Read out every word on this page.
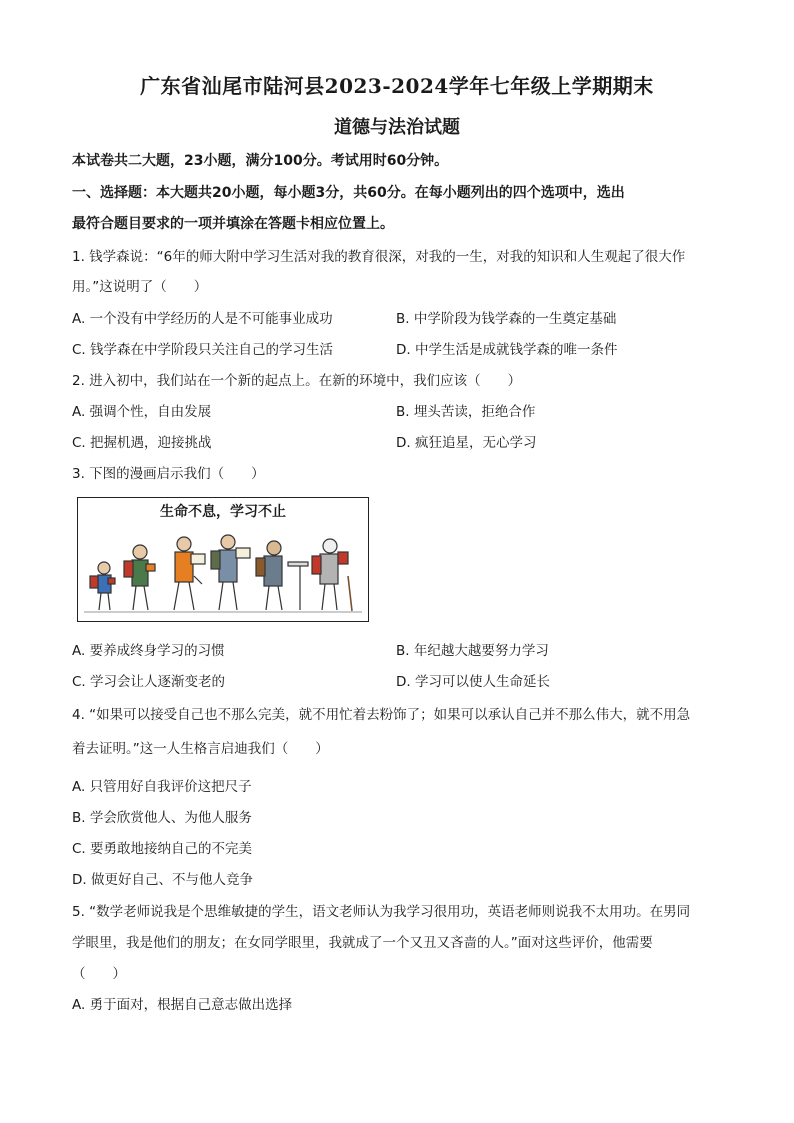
广东省汕尾市陆河县2023-2024学年七年级上学期期末
道德与法治试题
本试卷共二大题，23小题，满分100分。考试用时60分钟。
一、选择题：本大题共20小题，每小题3分，共60分。在每小题列出的四个选项中，选出
最符合题目要求的一项并填涂在答题卡相应位置上。
1. 钱学森说：“6年的师大附中学习生活对我的教育很深，对我的一生，对我的知识和人生观起了很大作
用。”这说明了（　　）
A. 一个没有中学经历的人是不可能事业成功	B. 中学阶段为钱学森的一生奠定基础
C. 钱学森在中学阶段只关注自己的学习生活	D. 中学生活是成就钱学森的唯一条件
2. 进入初中，我们站在一个新的起点上。在新的环境中，我们应该（　　）
A. 强调个性，自由发展	B. 埋头苦读，拒绝合作
C. 把握机遇，迎接挑战	D. 疯狂追星，无心学习
3. 下图的漫画启示我们（　　）
生命不息，学习不止
A. 要养成终身学习的习惯	B. 年纪越大越要努力学习
C. 学习会让人逐渐变老的	D. 学习可以使人生命延长
4. “如果可以接受自己也不那么完美，就不用忙着去粉饰了；如果可以承认自己并不那么伟大，就不用急
着去证明。”这一人生格言启迪我们（　　）
A. 只管用好自我评价这把尺子
B. 学会欣赏他人、为他人服务
C. 要勇敢地接纳自己的不完美
D. 做更好自己、不与他人竞争
5. “数学老师说我是个思维敏捷的学生，语文老师认为我学习很用功，英语老师则说我不太用功。在男同
学眼里，我是他们的朋友；在女同学眼里，我就成了一个又丑又吝啬的人。”面对这些评价，他需要
（　　）
A. 勇于面对，根据自己意志做出选择
